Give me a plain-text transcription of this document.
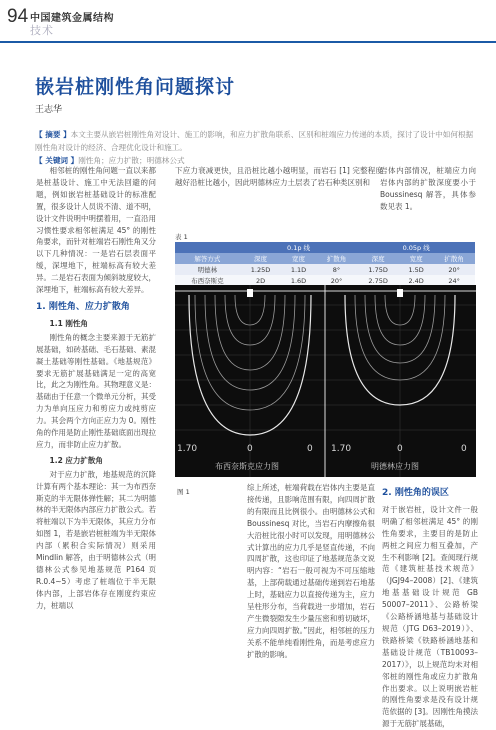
94 中国建筑金属结构
技术
嵌岩桩刚性角问题探讨
王志华

【 摘要 】本文主要从嵌岩桩刚性角对设计、施工的影响，和应力扩散角联系、区别和桩端应力传递的本质，探讨了设计中如何根据刚性角对设计的经济、合理优化设计和施工。

【 关键词 】刚性角；应力扩散；明德林公式

相邻桩的刚性角问题一直以来都是桩基设计、施工中无法回避的问题，例如嵌岩桩基础设计的标准配置，很多设计人员说不清、道不明，设计文件说明中明摆着用，一直沿用习惯性要求相邻桩满足 45° 的刚性角要求，而针对桩端岩石刚性角又分以下几种情况：一是岩石层表面平缓，深埋地下，桩端标高有较大差异。二是岩石表面为倾斜坡度较大，深埋地下，桩端标高有较大差异。

1. 刚性角、应力扩散角
1.1 刚性角

刚性角的概念主要来源于无筋扩展基础，如砖基础、毛石基础、素混凝土基础等刚性基础。《地基规范》要求无筋扩展基础满足一定的高宽比，此之为刚性角。其物理意义是：基础由于任意一个微单元分析，其受力为单向压应力和剪应力或纯剪应力。其会两个方向正应力为 0。刚性角的作用是防止刚性基础底面出现拉应力，而非防止应力扩散。

1.2 应力扩散角

对于应力扩散，地基规范的沉降计算有两个基本理论：其一为布西奈斯克的半无限体弹性解；其二为明德林的半无限体内部应力扩散公式。若将桩端以下为半无限体，其应力分布如图 1，若是嵌岩桩桩端为半无限体内部（累积合实际情况）则采用 Mindlin 解答，由于明德林公式（明德林公式参见地基规范 P164 页 R.0.4~5）考虑了桩端位于半无限体内部，上部岩体存在刚度约束应力，桩端以

下应力衰减更快，且沿桩比越小越明显，而岩石 [1] 完整程度越好沿桩比越小，因此明德林应力土层表了岩石种类区别和

岩体内部情况，桩端应力向岩体内部的扩散深度要小于 Boussinesq 解答，具体参数见表 1。

表 1
	0.1p 线			0.05p 线		
解答方式	深度	宽度	扩散角	深度	宽度	扩散角
明德林	1.25D	1.1D	8°	1.75D	1.5D	20°
布西奈斯克	2D	1.6D	20°	2.75D	2.4D	24°
1.70	0	0 1.70	0	0
布西奈斯克应力图	明德林应力图
图 1	综上所述，桩端荷载在岩体内主要是直接传递，且影响范围有限，向四周扩散的有限而且比例很小。由明德林公式和 Boussinesq 对比，当岩石内摩擦角很大沿桩比很小时可以发现，用明德林公式计算出的应力几乎是竖直传递，不向四周扩散，这也印证了地基规范条文说明内容：“岩石一般可视为不可压缩地基，上部荷载通过基础传递到岩石地基上时，基础应力以直接传递为主，应力呈柱形分布，当荷载进一步增加，岩石产生微裂隙发生少量压密和剪切破坏，应力向四周扩散。”因此，相邻桩的压力关系不能单纯看刚性角，而是考虑应力扩散的影响。

2. 刚性角的误区

对于嵌岩桩，设计文件一般明确了相邻桩满足 45° 的刚性角要求，主要目的是防止两桩之间应力相互叠加，产生不利影响 [2]。查阅现行规范《建筑桩基技术规范》（JGJ94–2008）[2]、《建筑地基基础设计规范 GB 50007–2011》、公路桥梁《公路桥涵地基与基础设计规范（JTG D63–2019）》、铁路桥梁《铁路桥涵地基和基础设计规范（TB10093–2017）》，以上规范均未对相邻桩的刚性角或应力扩散角作出要求。以上说明嵌岩桩的刚性角要求是没有设计规范依据的 [3]。因刚性角摸法源于无筋扩展基础，
